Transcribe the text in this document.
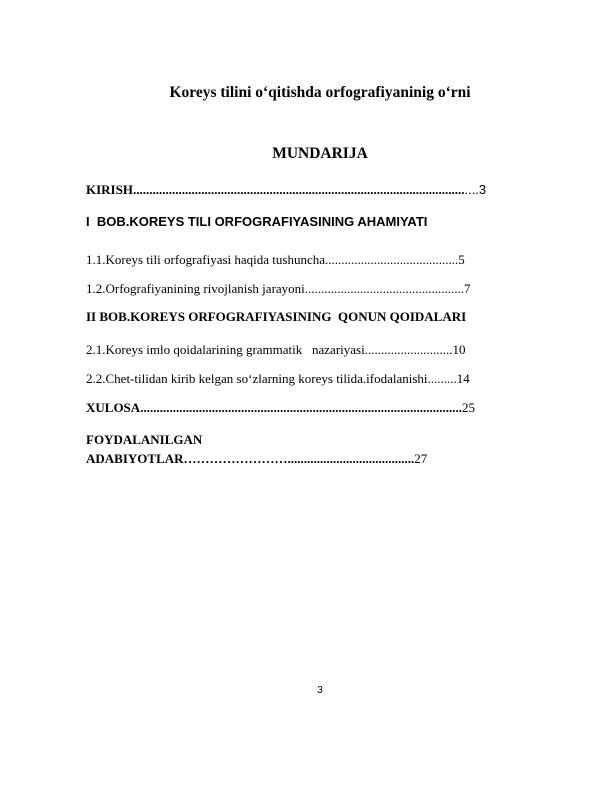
Koreys tilini o‘qitishda orfografiyaninig o‘rni
MUNDARIJA
KIRISH..........................................................................................................3
I  BOB.KOREYS TILI ORFOGRAFIYASINING AHAMIYATI
1.1.Koreys tili orfografiyasi haqida tushuncha.........................................5
1.2.Orfografiyanining rivojlanish jarayoni.................................................7
II BOB.KOREYS ORFOGRAFIYASINING  QONUN QOIDALARI
2.1.Koreys imlo qoidalarining grammatik   nazariyasi...........................10
2.2.Chet-tilidan kirib kelgan so‘zlarning koreys tilida.ifodalanishi.........14
XULOSA...................................................................................................25
FOYDALANILGAN
ADABIYOTLAR…………………….......................................27
3
